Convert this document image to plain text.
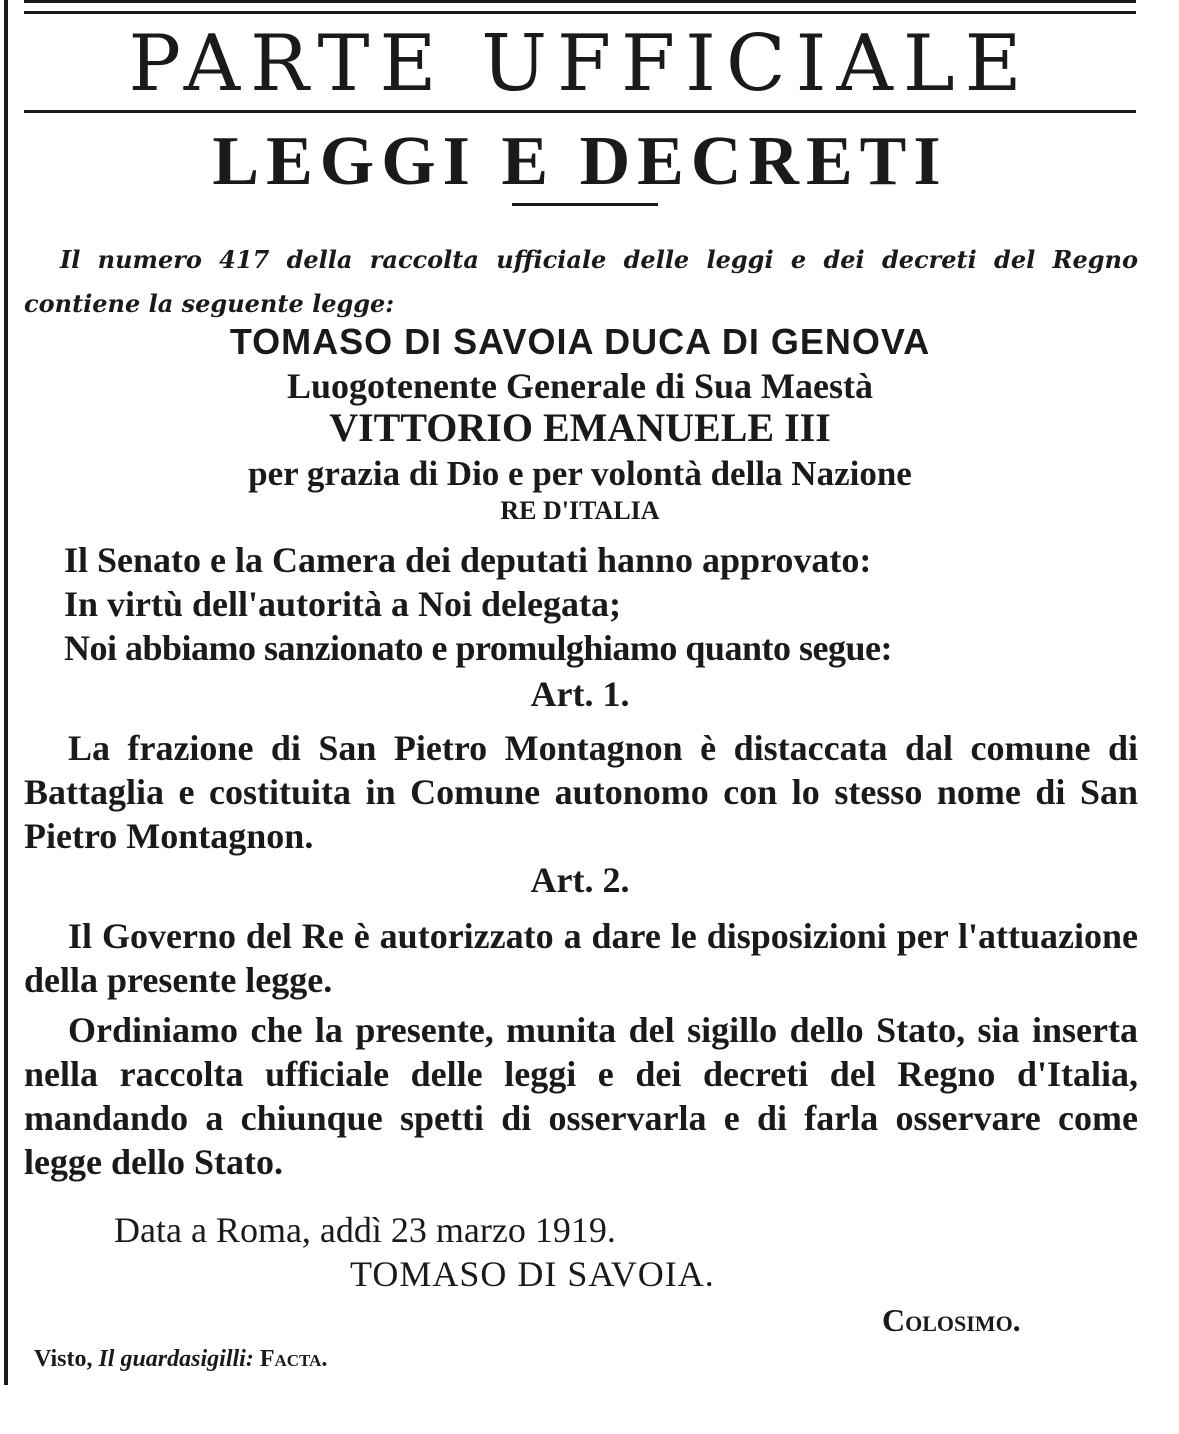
PARTE UFFICIALE
LEGGI E DECRETI
Il numero 417 della raccolta ufficiale delle leggi e dei decreti del Regno contiene la seguente legge:
TOMASO DI SAVOIA DUCA DI GENOVA
Luogotenente Generale di Sua Maestà
VITTORIO EMANUELE III
per grazia di Dio e per volontà della Nazione
RE D'ITALIA
Il Senato e la Camera dei deputati hanno approvato:
In virtù dell'autorità a Noi delegata;
Noi abbiamo sanzionato e promulghiamo quanto segue:
Art. 1.
La frazione di San Pietro Montagnon è distaccata dal comune di Battaglia e costituita in Comune autonomo con lo stesso nome di San Pietro Montagnon.
Art. 2.
Il Governo del Re è autorizzato a dare le disposizioni per l'attuazione della presente legge.
Ordiniamo che la presente, munita del sigillo dello Stato, sia inserta nella raccolta ufficiale delle leggi e dei decreti del Regno d'Italia, mandando a chiunque spetti di osservarla e di farla osservare come legge dello Stato.
Data a Roma, addì 23 marzo 1919.
TOMASO DI SAVOIA.
Colosimo.
Visto, Il guardasigilli: Facta.
